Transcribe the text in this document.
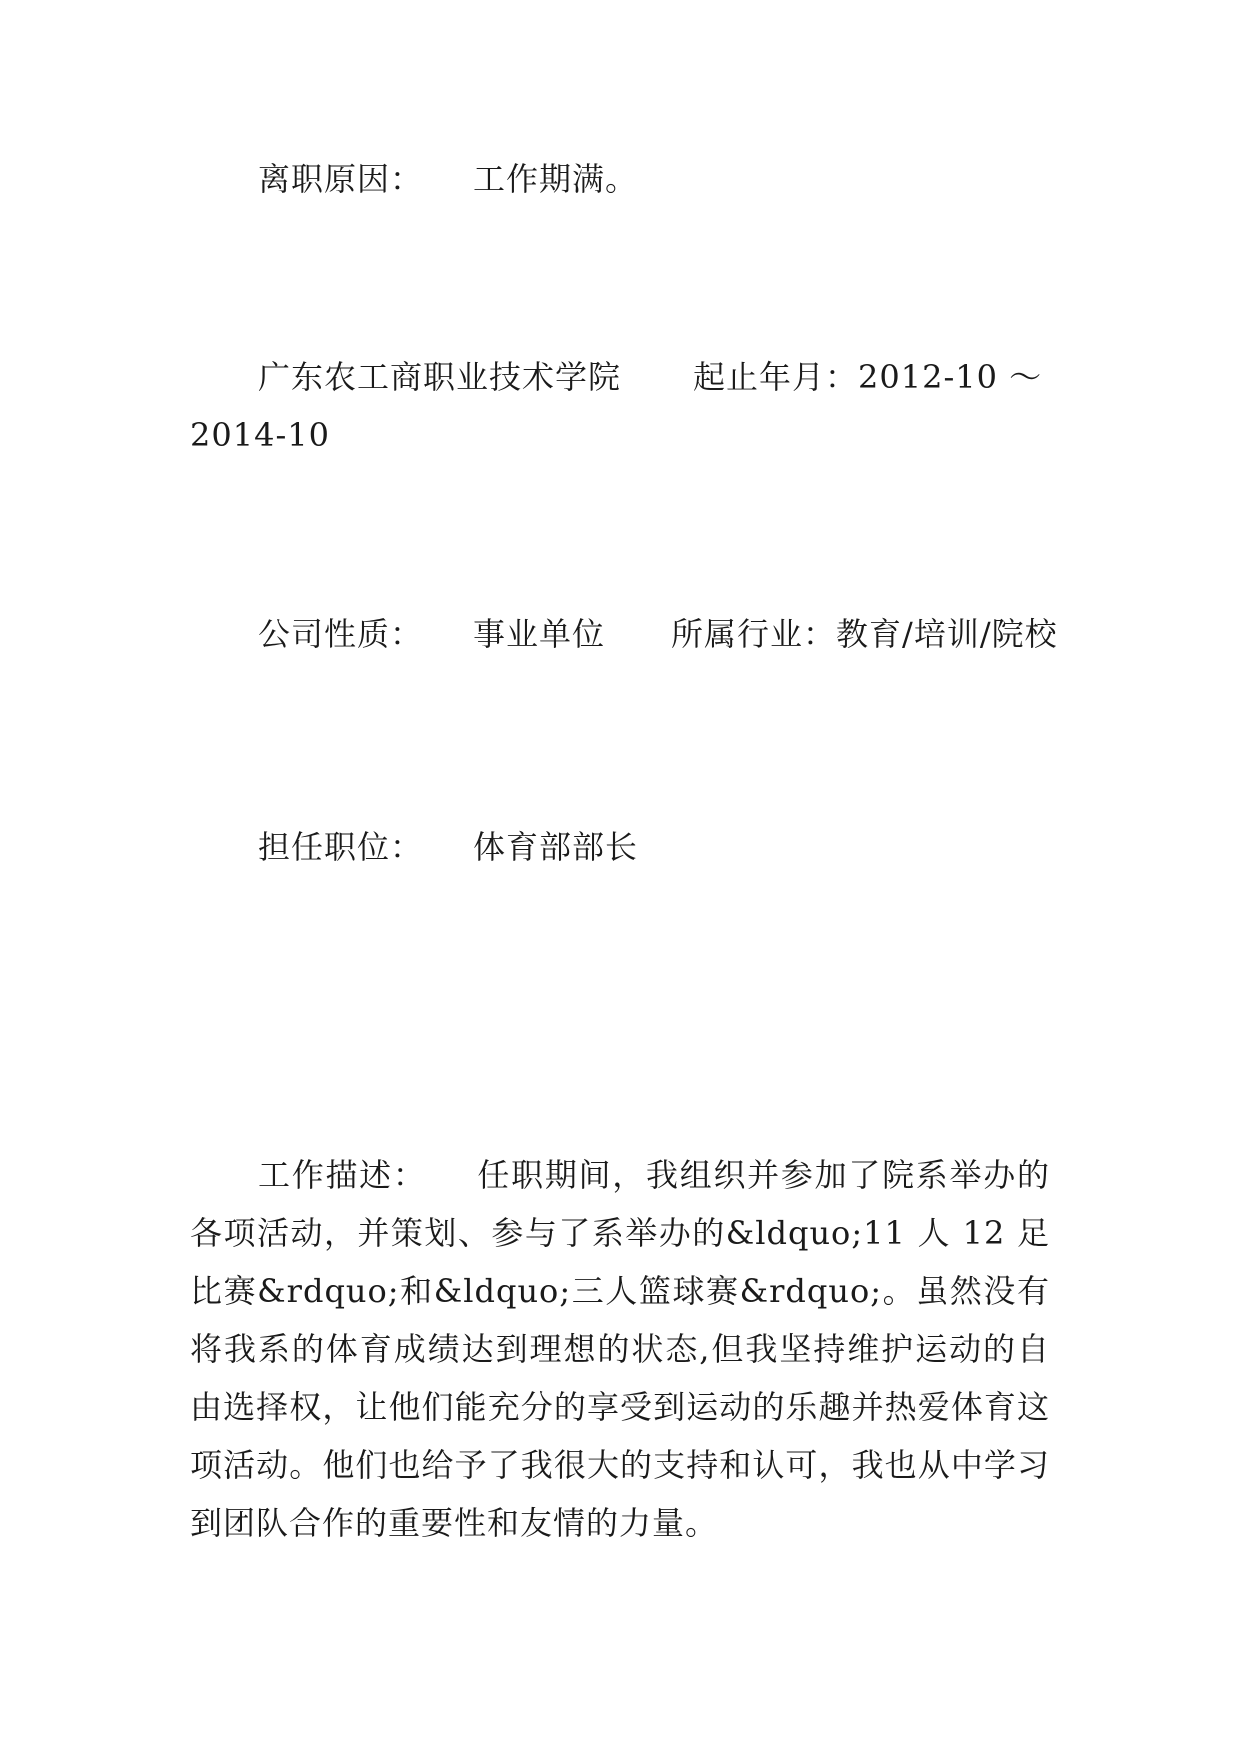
离职原因： 工作期满。
广东农工商职业技术学院 起止年月：2012-10 ～
2014-10
公司性质： 事业单位 所属行业：教育/培训/院校
担任职位： 体育部部长

工作描述： 任职期间，我组织并参加了院系举办的各项活动，并策划、参与了系举办的&ldquo;11 人 12 足比赛&rdquo;和&ldquo;三人篮球赛&rdquo;。虽然没有将我系的体育成绩达到理想的状态,但我坚持维护运动的自由选择权，让他们能充分的享受到运动的乐趣并热爱体育这项活动。他们也给予了我很大的支持和认可，我也从中学习到团队合作的重要性和友情的力量。
